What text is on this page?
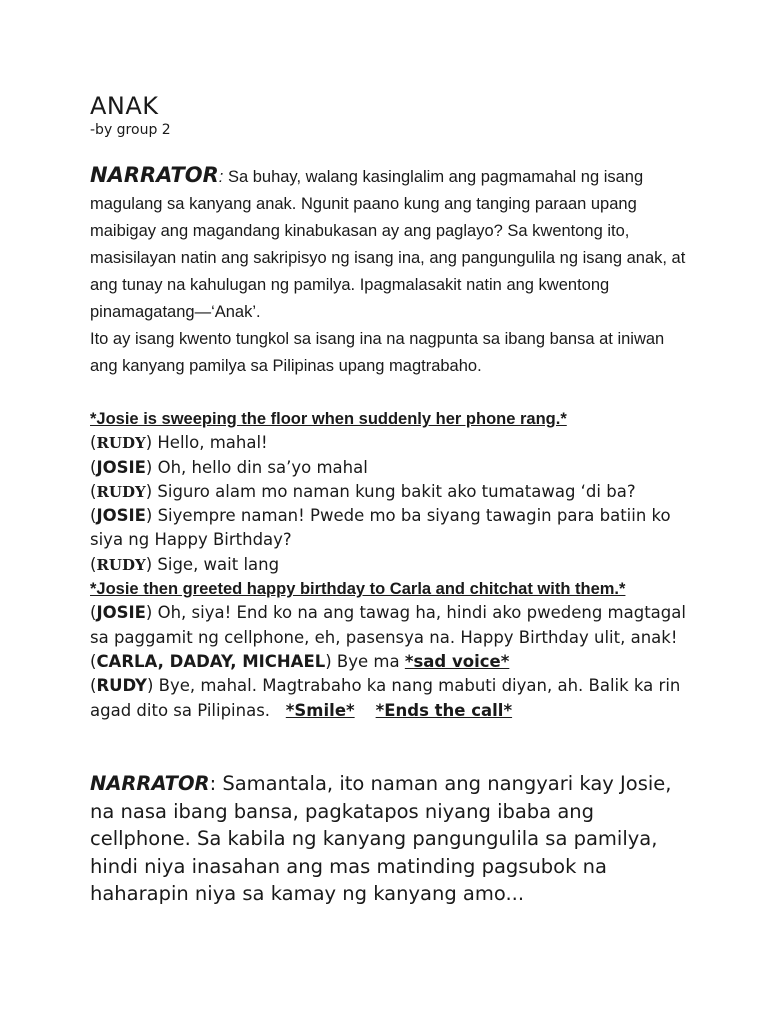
ANAK
-by group 2
NARRATOR: Sa buhay, walang kasinglalim ang pagmamahal ng isang magulang sa kanyang anak. Ngunit paano kung ang tanging paraan upang maibigay ang magandang kinabukasan ay ang paglayo? Sa kwentong ito, masisilayan natin ang sakripisyo ng isang ina, ang pangungulila ng isang anak, at ang tunay na kahulugan ng pamilya. Ipagmalasakit natin ang kwentong pinamagatang—‘Anak’.
Ito ay isang kwento tungkol sa isang ina na nagpunta sa ibang bansa at iniwan ang kanyang pamilya sa Pilipinas upang magtrabaho.
*Josie is sweeping the floor when suddenly her phone rang.*
(RUDY) Hello, mahal!
(JOSIE) Oh, hello din sa’yo mahal
(RUDY) Siguro alam mo naman kung bakit ako tumatawag ‘di ba?
(JOSIE) Siyempre naman! Pwede mo ba siyang tawagin para batiin ko siya ng Happy Birthday?
(RUDY) Sige, wait lang
*Josie then greeted happy birthday to Carla and chitchat with them.*
(JOSIE) Oh, siya! End ko na ang tawag ha, hindi ako pwedeng magtagal sa paggamit ng cellphone, eh, pasensya na. Happy Birthday ulit, anak!
(CARLA, DADAY, MICHAEL) Bye ma *sad voice*
(RUDY) Bye, mahal. Magtrabaho ka nang mabuti diyan, ah. Balik ka rin agad dito sa Pilipinas.   *Smile* *Ends the call*
NARRATOR: Samantala, ito naman ang nangyari kay Josie, na nasa ibang bansa, pagkatapos niyang ibaba ang cellphone. Sa kabila ng kanyang pangungulila sa pamilya, hindi niya inasahan ang mas matinding pagsubok na haharapin niya sa kamay ng kanyang amo...
